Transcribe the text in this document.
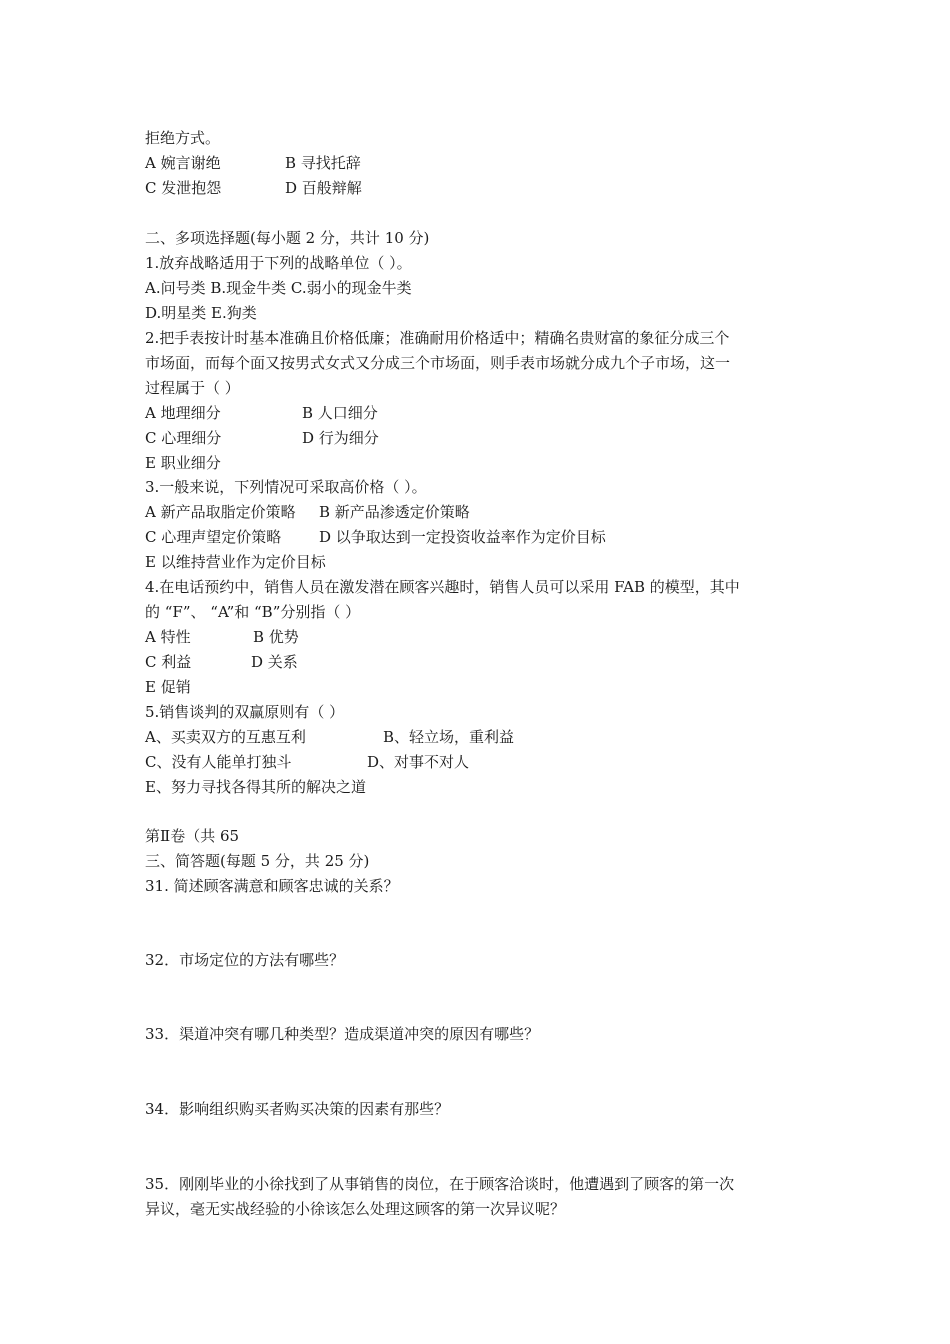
拒绝方式。
A 婉言谢绝	B 寻找托辞
C 发泄抱怨	D 百般辩解
二、多项选择题(每小题 2 分，共计 10 分)
1.放弃战略适用于下列的战略单位（ ）。
A.问号类 B.现金牛类 C.弱小的现金牛类
D.明星类 E.狗类
2.把手表按计时基本准确且价格低廉；准确耐用价格适中；精确名贵财富的象征分成三个
市场面，而每个面又按男式女式又分成三个市场面，则手表市场就分成九个子市场，这一
过程属于（ ）
A 地理细分	B 人口细分
C 心理细分	D 行为细分
E 职业细分
3.一般来说，下列情况可采取高价格（ ）。
A 新产品取脂定价策略 B 新产品渗透定价策略
C 心理声望定价策略	D 以争取达到一定投资收益率作为定价目标
E 以维持营业作为定价目标
4.在电话预约中，销售人员在激发潜在顾客兴趣时，销售人员可以采用 FAB 的模型，其中
的 “F”、 “A”和 “B”分别指（ ）
A 特性	B 优势
C 利益	D 关系
E 促销
5.销售谈判的双赢原则有（ ）
A、买卖双方的互惠互利	B、轻立场，重利益
C、没有人能单打独斗	D、对事不对人
E、努力寻找各得其所的解决之道
第Ⅱ卷（共 65
三、简答题(每题 5 分，共 25 分)
31. 简述顾客满意和顾客忠诚的关系？
32．市场定位的方法有哪些？
33．渠道冲突有哪几种类型？造成渠道冲突的原因有哪些？
34．影响组织购买者购买决策的因素有那些？
35．刚刚毕业的小徐找到了从事销售的岗位，在于顾客洽谈时，他遭遇到了顾客的第一次
异议，毫无实战经验的小徐该怎么处理这顾客的第一次异议呢？
